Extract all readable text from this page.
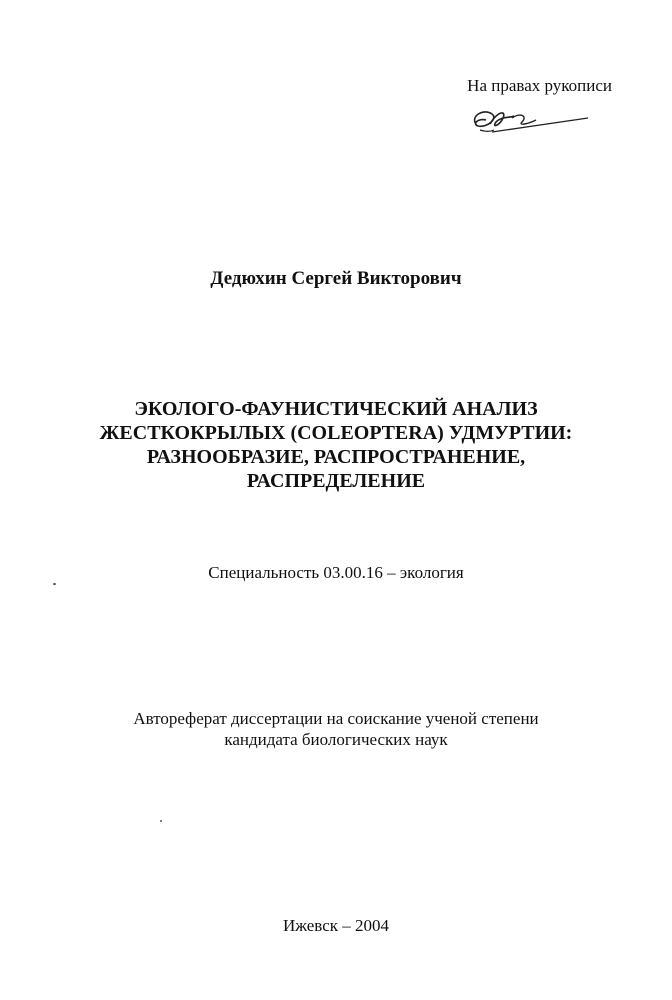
На правах рукописи
Дедюхин Сергей Викторович
ЭКОЛОГО-ФАУНИСТИЧЕСКИЙ АНАЛИЗ
ЖЕСТКОКРЫЛЫХ (COLEOPTERA) УДМУРТИИ:
РАЗНООБРАЗИЕ, РАСПРОСТРАНЕНИЕ,
РАСПРЕДЕЛЕНИЕ
Специальность 03.00.16 – экология
Автореферат диссертации на соискание ученой степени
кандидата биологических наук
Ижевск – 2004
